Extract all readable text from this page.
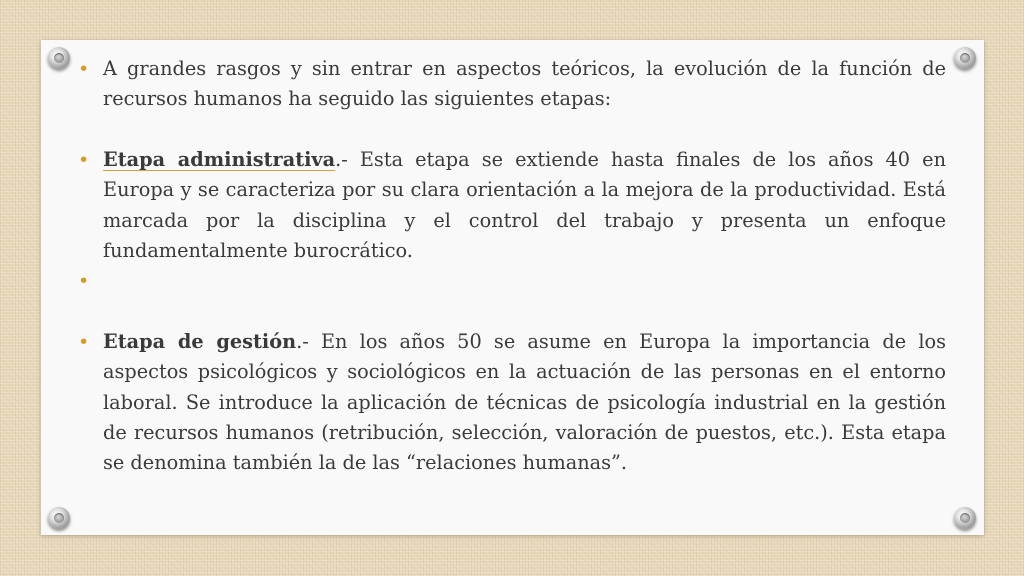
• A grandes rasgos y sin entrar en aspectos teóricos, la evolución de la función de recursos humanos ha seguido las siguientes etapas:

• Etapa administrativa.- Esta etapa se extiende hasta finales de los años 40 en Europa y se caracteriza por su clara orientación a la mejora de la productividad. Está marcada por la disciplina y el control del trabajo y presenta un enfoque fundamentalmente burocrático.

•

• Etapa de gestión.- En los años 50 se asume en Europa la importancia de los aspectos psicológicos y sociológicos en la actuación de las personas en el entorno laboral. Se introduce la aplicación de técnicas de psicología industrial en la gestión de recursos humanos (retribución, selección, valoración de puestos, etc.). Esta etapa se denomina también la de las “relaciones humanas”.
